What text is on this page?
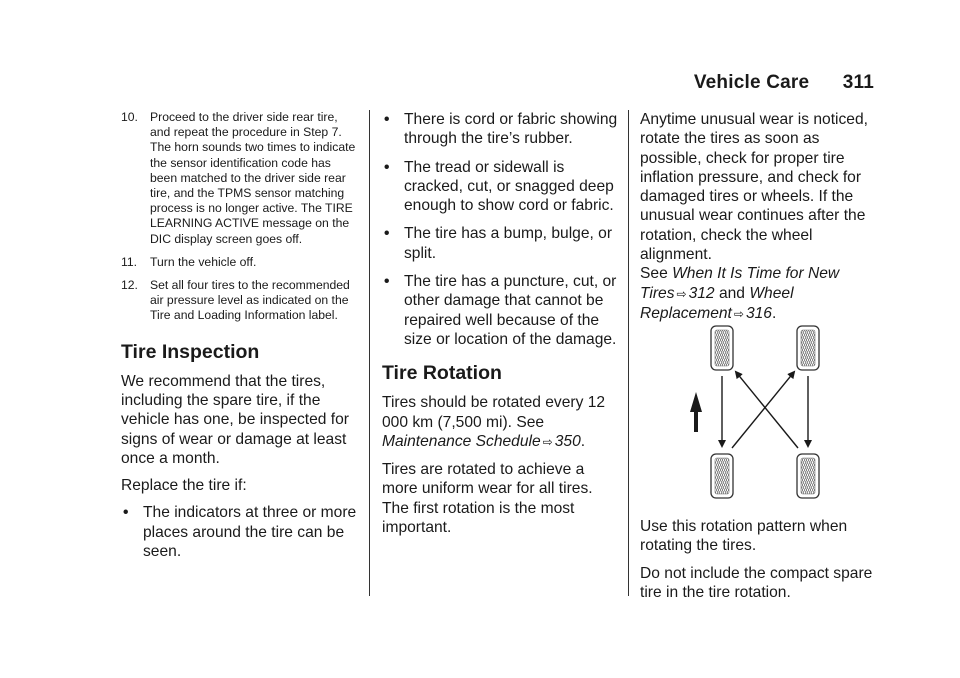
Vehicle Care 311
10. Proceed to the driver side rear tire, and repeat the procedure in Step 7. The horn sounds two times to indicate the sensor identification code has been matched to the driver side rear tire, and the TPMS sensor matching process is no longer active. The TIRE LEARNING ACTIVE message on the DIC display screen goes off.
11. Turn the vehicle off.
12. Set all four tires to the recommended air pressure level as indicated on the Tire and Loading Information label.
Tire Inspection

We recommend that the tires, including the spare tire, if the vehicle has one, be inspected for signs of wear or damage at least once a month.

Replace the tire if:

• The indicators at three or more places around the tire can be seen.
• There is cord or fabric showing through the tire’s rubber.
• The tread or sidewall is cracked, cut, or snagged deep enough to show cord or fabric.
• The tire has a bump, bulge, or split.
• The tire has a puncture, cut, or other damage that cannot be repaired well because of the size or location of the damage.
Tire Rotation

Tires should be rotated every 12 000 km (7,500 mi). See Maintenance Schedule ⇨ 350.

Tires are rotated to achieve a more uniform wear for all tires. The first rotation is the most important.

Anytime unusual wear is noticed, rotate the tires as soon as possible, check for proper tire inflation pressure, and check for damaged tires or wheels. If the unusual wear continues after the rotation, check the wheel alignment.

See When It Is Time for New Tires ⇨ 312 and Wheel Replacement ⇨ 316.

Use this rotation pattern when rotating the tires.

Do not include the compact spare tire in the tire rotation.
